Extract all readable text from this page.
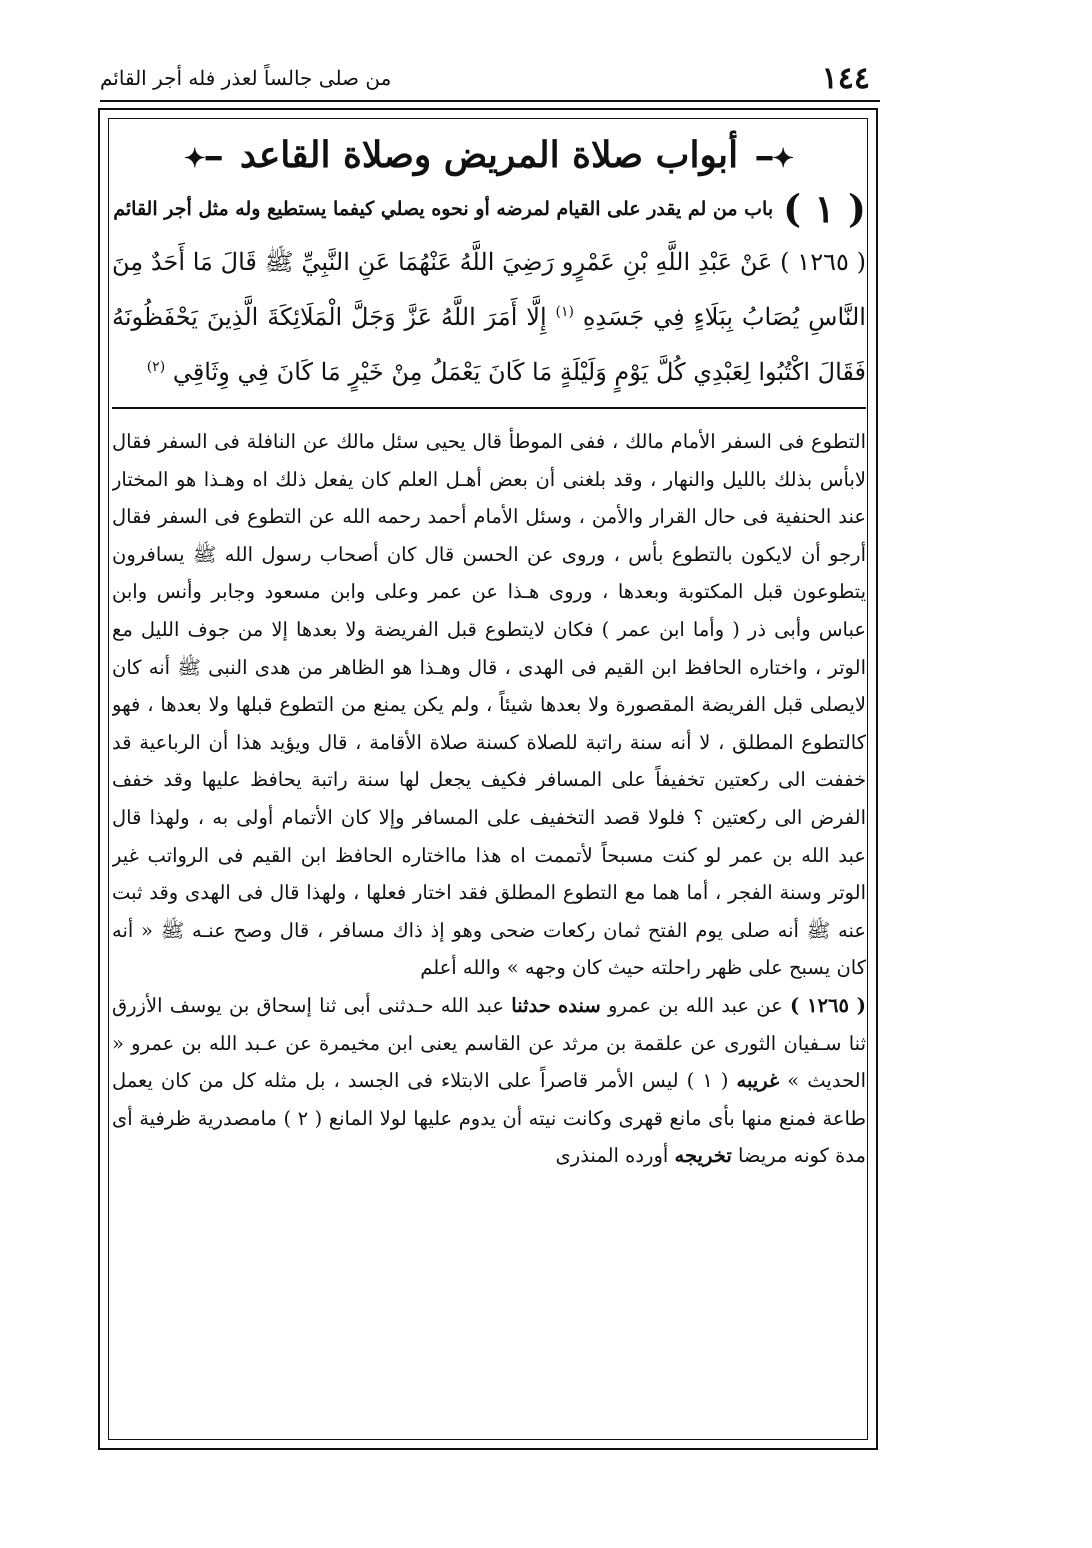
من صلى جالساً لعذر فله أجر القائم	١٤٤
✦━ أبواب صلاة المريض وصلاة القاعد ━✦
( ١ )
باب من لم يقدر على القيام لمرضه أو نحوه يصلي كيفما يستطيع وله مثل أجر القائم

( ١٢٦٥ ) عَنْ عَبْدِ اللَّهِ بْنِ عَمْرٍو رَضِيَ اللَّهُ عَنْهُمَا عَنِ النَّبِيِّ ﷺ قَالَ مَا أَحَدٌ مِنَ النَّاسِ يُصَابُ بِبَلَاءٍ فِي جَسَدِهِ $^{(١)}$ إِلَّا أَمَرَ اللَّهُ عَزَّ وَجَلَّ الْمَلَائِكَةَ الَّذِينَ يَحْفَظُونَهُ فَقَالَ اكْتُبُوا لِعَبْدِي كُلَّ يَوْمٍ وَلَيْلَةٍ مَا كَانَ يَعْمَلُ مِنْ خَيْرٍ مَا كَانَ فِي وِثَاقِي $^{(٢)}$

التطوع فى السفر الأمام مالك ، ففى الموطأ قال يحيى سئل مالك عن النافلة فى السفر فقال لابأس بذلك بالليل والنهار ، وقد بلغنى أن بعض أهـل العلم كان يفعل ذلك اه وهـذا هو المختار عند الحنفية فى حال القرار والأمن ، وسئل الأمام أحمد رحمه الله عن التطوع فى السفر فقال أرجو أن لايكون بالتطوع بأس ، وروى عن الحسن قال كان أصحاب رسول الله ﷺ يسافرون يتطوعون قبل المكتوبة وبعدها ، وروى هـذا عن عمر وعلى وابن مسعود وجابر وأنس وابن عباس وأبى ذر ( وأما ابن عمر ) فكان لايتطوع قبل الفريضة ولا بعدها إلا من جوف الليل مع الوتر ، واختاره الحافظ ابن القيم فى الهدى ، قال وهـذا هو الظاهر من هدى النبى ﷺ أنه كان لايصلى قبل الفريضة المقصورة ولا بعدها شيئاً ، ولم يكن يمنع من التطوع قبلها ولا بعدها ، فهو كالتطوع المطلق ، لا أنه سنة راتبة للصلاة كسنة صلاة الأقامة ، قال ويؤيد هذا أن الرباعية قد خففت الى ركعتين تخفيفاً على المسافر فكيف يجعل لها سنة راتبة يحافظ عليها وقد خفف الفرض الى ركعتين ؟ فلولا قصد التخفيف على المسافر وإلا كان الأتمام أولى به ، ولهذا قال عبد الله بن عمر لو كنت مسبحاً لأتممت اه هذا مااختاره الحافظ ابن القيم فى الرواتب غير الوتر وسنة الفجر ، أما هما مع التطوع المطلق فقد اختار فعلها ، ولهذا قال فى الهدى وقد ثبت عنه ﷺ أنه صلى يوم الفتح ثمان ركعات ضحى وهو إذ ذاك مسافر ، قال وصح عنـه ﷺ « أنه كان يسبح على ظهر راحلته حيث كان وجهه » والله أعلم

( ١٢٦٥ ) عن عبد الله بن عمرو سنده حدثنا عبد الله حـدثنى أبى ثنا إسحاق بن يوسف الأزرق ثنا سـفيان الثورى عن علقمة بن مرثد عن القاسم يعنى ابن مخيمرة عن عـبد الله بن عمرو « الحديث » غريبه ( ١ ) ليس الأمر قاصراً على الابتلاء فى الجسد ، بل مثله كل من كان يعمل طاعة فمنع منها بأى مانع قهرى وكانت نيته أن يدوم عليها لولا المانع ( ٢ ) مامصدرية ظرفية أى مدة كونه مريضا تخريجه أورده المنذرى
